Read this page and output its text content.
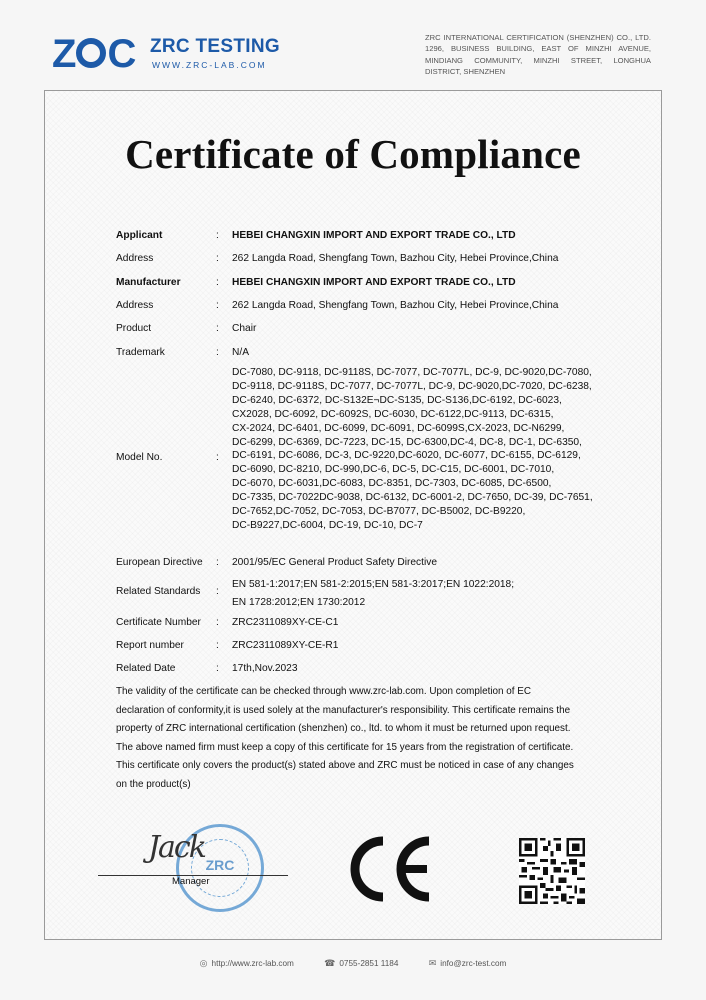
Z C ZRC TESTING
WWW.ZRC-LAB.COM
ZRC INTERNATIONAL CERTIFICATION (SHENZHEN) CO., LTD. 1296, BUSINESS BUILDING, EAST OF MINZHI AVENUE, MINDIANG COMMUNITY, MINZHI STREET, LONGHUA DISTRICT, SHENZHEN
Certificate of Compliance
Applicant	:	HEBEI CHANGXIN IMPORT AND EXPORT TRADE CO., LTD
Address	:	262 Langda Road, Shengfang Town, Bazhou City, Hebei Province,China
Manufacturer	:	HEBEI CHANGXIN IMPORT AND EXPORT TRADE CO., LTD
Address	:	262 Langda Road, Shengfang Town, Bazhou City, Hebei Province,China
Product	:	Chair
Trademark	:	N/A
Model No.	:
DC-7080, DC-9118, DC-9118S, DC-7077, DC-7077L, DC-9, DC-9020,DC-7080,
DC-9118, DC-9118S, DC-7077, DC-7077L, DC-9, DC-9020,DC-7020, DC-6238,
DC-6240, DC-6372, DC-S132E¬DC-S135, DC-S136,DC-6192, DC-6023,
CX2028, DC-6092, DC-6092S, DC-6030, DC-6122,DC-9113, DC-6315,
CX-2024, DC-6401, DC-6099, DC-6091, DC-6099S,CX-2023, DC-N6299,
DC-6299, DC-6369, DC-7223, DC-15, DC-6300,DC-4, DC-8, DC-1, DC-6350,
DC-6191, DC-6086, DC-3, DC-9220,DC-6020, DC-6077, DC-6155, DC-6129,
DC-6090, DC-8210, DC-990,DC-6, DC-5, DC-C15, DC-6001, DC-7010,
DC-6070, DC-6031,DC-6083, DC-8351, DC-7303, DC-6085, DC-6500,
DC-7335, DC-7022DC-9038, DC-6132, DC-6001-2, DC-7650, DC-39, DC-7651,
DC-7652,DC-7052, DC-7053, DC-B7077, DC-B5002, DC-B9220,
DC-B9227,DC-6004, DC-19, DC-10, DC-7
European Directive	:	2001/95/EC General Product Safety Directive
Related Standards	:
EN 581-1:2017;EN 581-2:2015;EN 581-3:2017;EN 1022:2018;
EN 1728:2012;EN 1730:2012
Certificate Number	:	ZRC2311089XY-CE-C1
Report number	:	ZRC2311089XY-CE-R1
Related Date	:	17th,Nov.2023

The validity of the certificate can be checked through www.zrc-lab.com. Upon completion of EC

declaration of conformity,it is used solely at the manufacturer's responsibility. This certificate remains the

property of ZRC international certification (shenzhen) co., ltd. to whom it must be returned upon request.

The above named firm must keep a copy of this certificate for 15 years from the registration of certificate.

This certificate only covers the product(s) stated above and ZRC must be noticed in case of any changes

on the product(s)

ZRC
Jack
Manager
◎ http://www.zrc-lab.com	☎ 0755-2851 1184	✉ info@zrc-test.com
